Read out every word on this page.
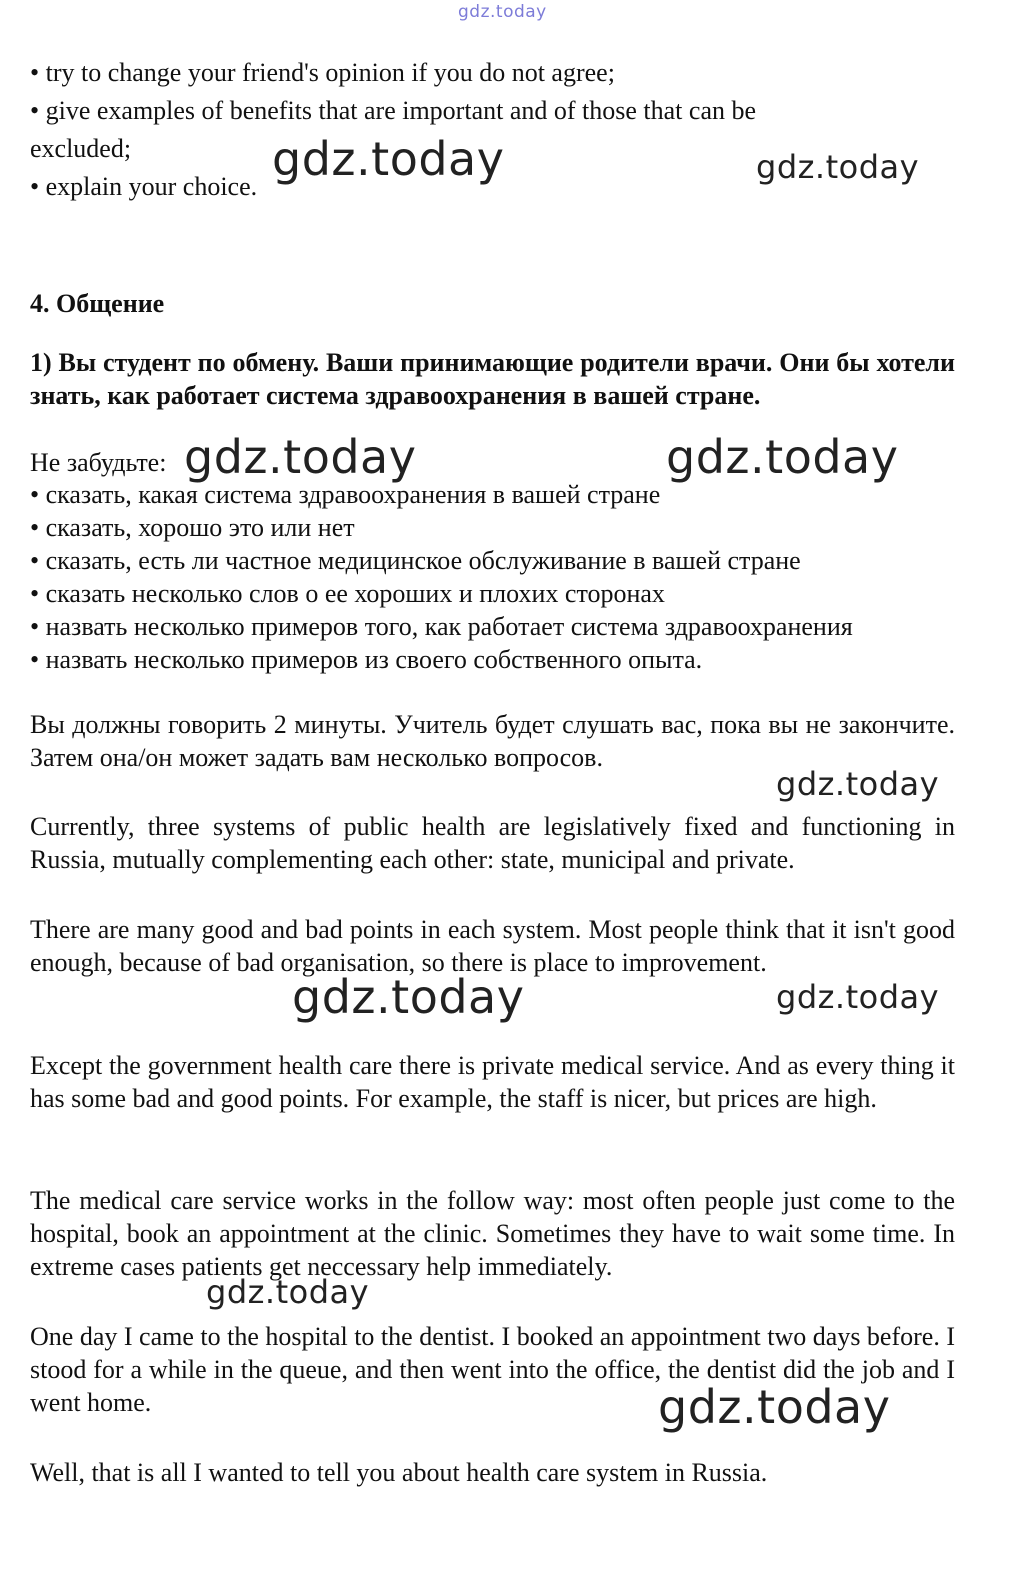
gdz.today
• try to change your friend's opinion if you do not agree;
• give examples of benefits that are important and of those that can be
excluded;
• explain your choice.
gdz.today	gdz.today
4. Общение

1) Вы студент по обмену. Ваши принимающие родители врачи. Они бы хотели знать, как работает система здравоохранения в вашей стране.

Не забудьте: gdz.today	gdz.today
• сказать, какая система здравоохранения в вашей стране
• сказать, хорошо это или нет
• сказать, есть ли частное медицинское обслуживание в вашей стране
• сказать несколько слов о ее хороших и плохих сторонах
• назвать несколько примеров того, как работает система здравоохранения
• назвать несколько примеров из своего собственного опыта.

Вы должны говорить 2 минуты. Учитель будет слушать вас, пока вы не закончите. Затем она/он может задать вам несколько вопросов.

gdz.today

Currently, three systems of public health are legislatively fixed and functioning in Russia, mutually complementing each other: state, municipal and private.

There are many good and bad points in each system. Most people think that it isn't good enough, because of bad organisation, so there is place to improvement.

gdz.today	gdz.today

Except the government health care there is private medical service. And as every thing it has some bad and good points. For example, the staff is nicer, but prices are high.

The medical care service works in the follow way: most often people just come to the hospital, book an appointment at the clinic. Sometimes they have to wait some time. In extreme cases patients get neccessary help immediately.

gdz.today

One day I came to the hospital to the dentist. I booked an appointment two days before. I stood for a while in the queue, and then went into the office, the dentist did the job and I went home.	gdz.today
Well, that is all I wanted to tell you about health care system in Russia.
